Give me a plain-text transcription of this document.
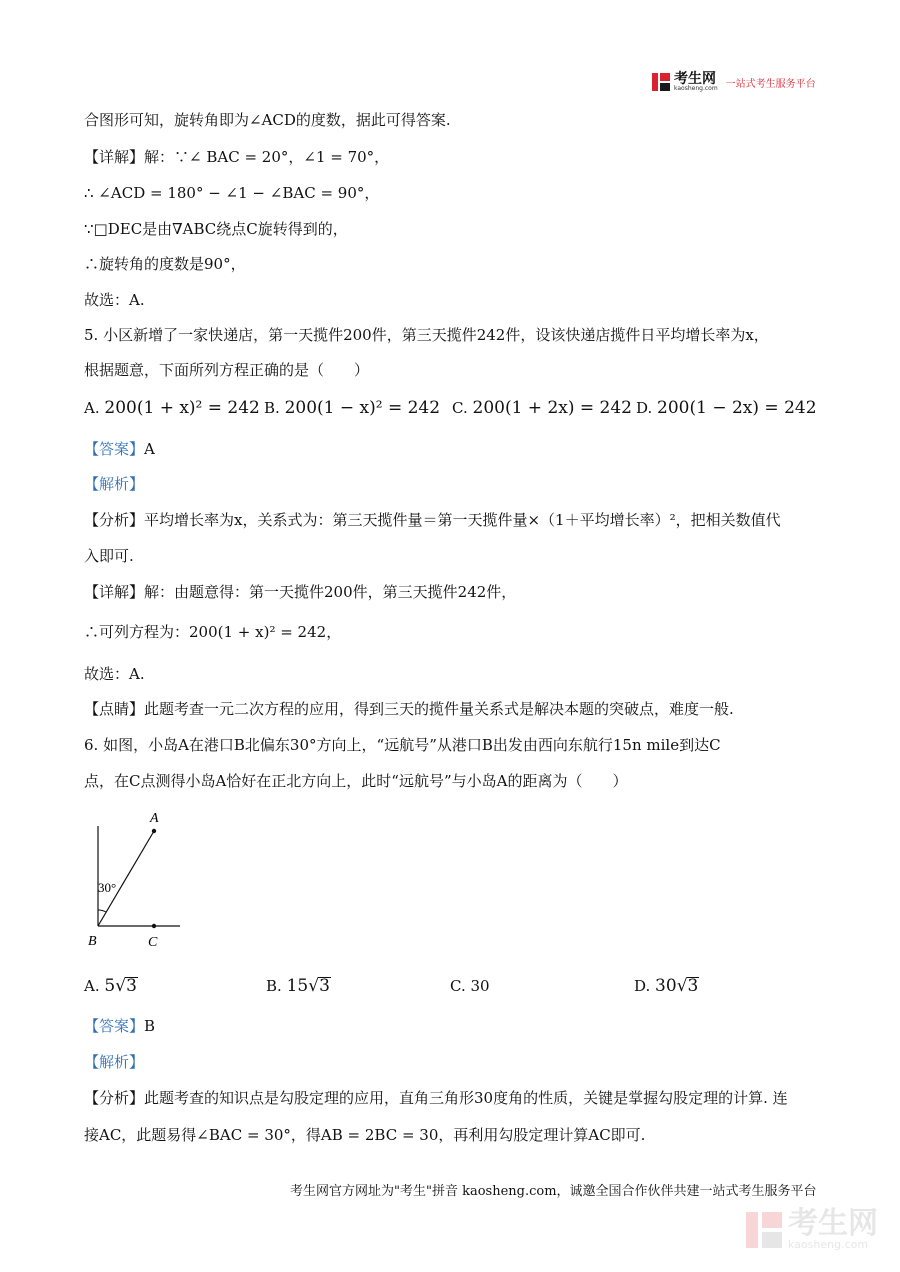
考生网
kaosheng.com 一站式考生服务平台
合图形可知，旋转角即为∠ACD的度数，据此可得答案.
【详解】解：∵∠ BAC = 20°，∠1 = 70°，
∴ ∠ACD = 180° − ∠1 − ∠BAC = 90°，
∵□DEC是由∇ABC绕点C旋转得到的，
∴旋转角的度数是90°，
故选：A.
5. 小区新增了一家快递店，第一天揽件200件，第三天揽件242件，设该快递店揽件日平均增长率为x，
根据题意，下面所列方程正确的是（　　）
A. 200(1 + x)² = 242 B. 200(1 − x)² = 242 C. 200(1 + 2x) = 242 D. 200(1 − 2x) = 242
【答案】A
【解析】
【分析】平均增长率为x，关系式为：第三天揽件量＝第一天揽件量×（1＋平均增长率）²，把相关数值代
入即可.
【详解】解：由题意得：第一天揽件200件，第三天揽件242件，
∴可列方程为：200(1 + x)² = 242，
故选：A.
【点睛】此题考查一元二次方程的应用，得到三天的揽件量关系式是解决本题的突破点，难度一般.
6. 如图，小岛A在港口B北偏东30°方向上，“远航号”从港口B出发由西向东航行15n mile到达C
点，在C点测得小岛A恰好在正北方向上，此时“远航号”与小岛A的距离为（　　）
A
B	C
30°
A. 5√3	B. 15√3	C. 30	D. 30√3
【答案】B
【解析】
【分析】此题考查的知识点是勾股定理的应用，直角三角形30度角的性质，关键是掌握勾股定理的计算. 连
接AC，此题易得∠BAC = 30°，得AB = 2BC = 30，再利用勾股定理计算AC即可.
考生网官方网址为"考生"拼音 kaosheng.com，诚邀全国合作伙伴共建一站式考生服务平台
考生网
kaosheng.com
